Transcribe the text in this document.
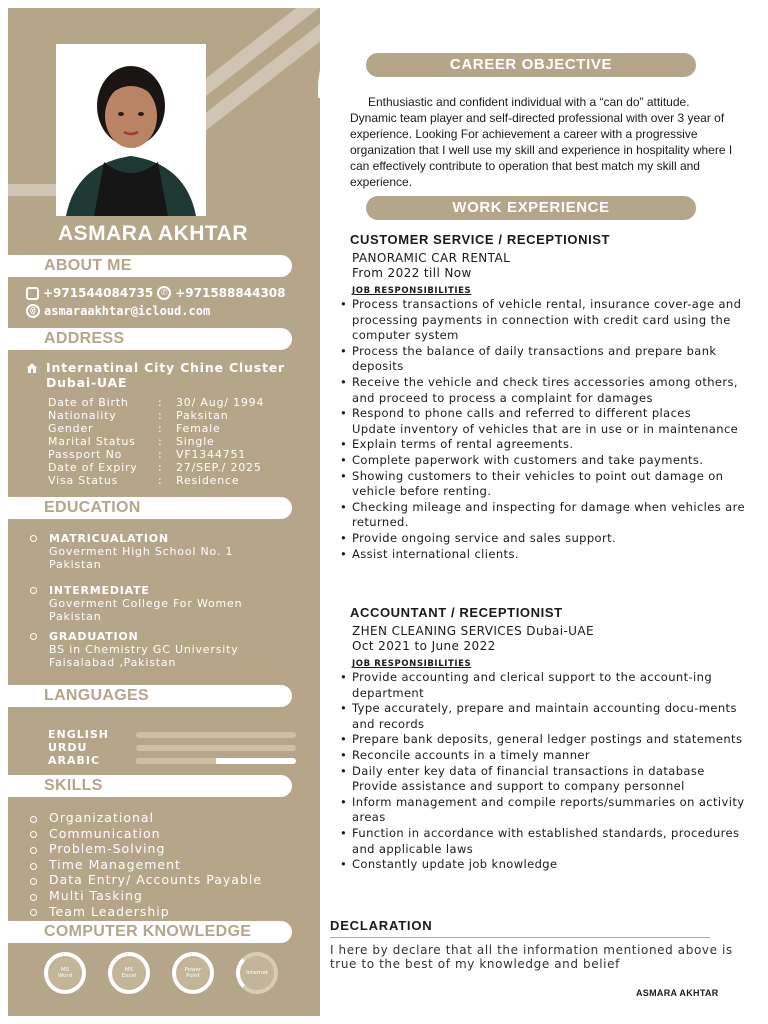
ASMARA AKHTAR
ABOUT ME
+971544084735 ✆ +971588844308
@ asmaraakhtar@icloud.com
ADDRESS
Internatinal City Chine Cluster
Dubai-UAE
Date of Birth	:	30/ Aug/ 1994
Nationality	:	Paksitan
Gender	:	Female
Marital Status	:	Single
Passport No	:	VF1344751
Date of Expiry	:	27/SEP./ 2025
Visa Status	:	Residence
EDUCATION
MATRICUALATION
Goverment High School No. 1
Pakistan
INTERMEDIATE
Goverment College For Women
Pakistan
GRADUATION
BS in Chemistry GC University
Faisalabad ,Pakistan
LANGUAGES
ENGLISH
URDU
ARABIC
SKILLS
Organizational
Communication
Problem-Solving
Time Management
Data Entry/ Accounts Payable
Multi Tasking
Team Leadership
COMPUTER KNOWLEDGE
MS
Word
MS
Excel
Power
Point	Internet
CAREER OBJECTIVE
Enthusiastic and confident individual with a “can do” attitude. Dynamic team player and self-directed professional with over 3 year of experience. Looking For achievement a career with a progressive organization that I well use my skill and experience in hospitality where I can effectively contribute to operation that best match my skill and experience.
WORK EXPERIENCE
CUSTOMER SERVICE / RECEPTIONIST
PANORAMIC CAR RENTAL
From 2022 till Now
JOB RESPONSIBILITIES
• Process transactions of vehicle rental, insurance cover-age and processing payments in connection with credit card using the computer system
• Process the balance of daily transactions and prepare bank deposits
• Receive the vehicle and check tires accessories among others, and proceed to process a complaint for damages
• Respond to phone calls and referred to different places
Update inventory of vehicles that are in use or in maintenance
• Explain terms of rental agreements.
• Complete paperwork with customers and take payments.
• Showing customers to their vehicles to point out damage on vehicle before renting.
• Checking mileage and inspecting for damage when vehicles are returned.
• Provide ongoing service and sales support.
• Assist international clients.
ACCOUNTANT / RECEPTIONIST
ZHEN CLEANING SERVICES Dubai-UAE
Oct 2021 to June 2022
JOB RESPONSIBILITIES
• Provide accounting and clerical support to the account-ing department
• Type accurately, prepare and maintain accounting docu-ments and records
• Prepare bank deposits, general ledger postings and statements
• Reconcile accounts in a timely manner
• Daily enter key data of financial transactions in database
Provide assistance and support to company personnel
• Inform management and compile reports/summaries on activity areas
• Function in accordance with established standards, procedures and applicable laws
• Constantly update job knowledge
DECLARATION
I here by declare that all the information mentioned above is true to the best of my knowledge and belief
ASMARA AKHTAR
